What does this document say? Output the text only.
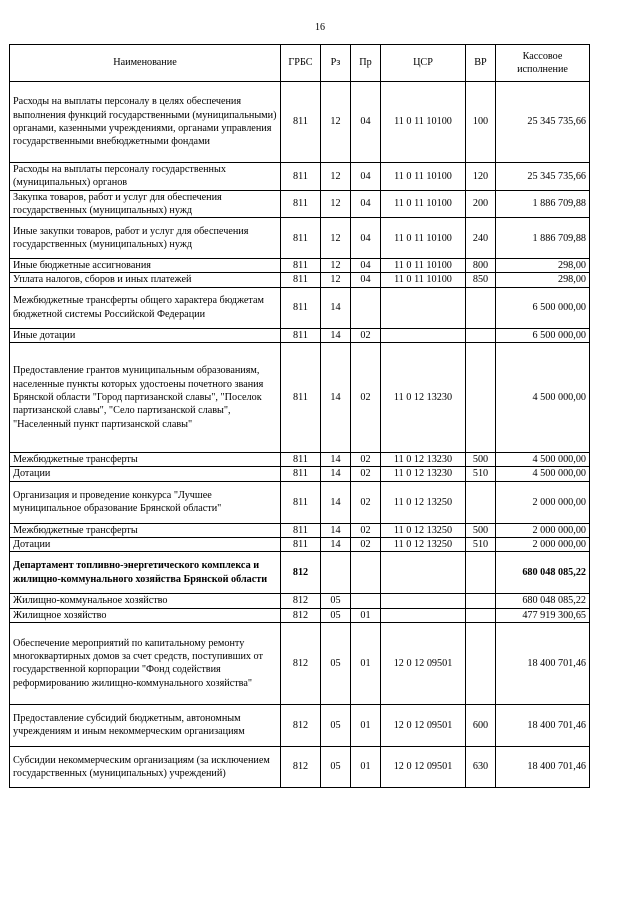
16
Наименование	ГРБС	Рз	Пр	ЦСР	ВР	Кассовое исполнение
Расходы на выплаты персоналу в целях обеспечения выполнения функций государственными (муниципальными) органами, казенными учреждениями, органами управления государственными внебюджетными фондами	811	12	04	11 0 11 10100	100	25 345 735,66
Расходы на выплаты персоналу государственных (муниципальных) органов	811	12	04	11 0 11 10100	120	25 345 735,66
Закупка товаров, работ и услуг для обеспечения государственных (муниципальных) нужд	811	12	04	11 0 11 10100	200	1 886 709,88
Иные закупки товаров, работ и услуг для обеспечения государственных (муниципальных) нужд	811	12	04	11 0 11 10100	240	1 886 709,88
Иные бюджетные ассигнования	811	12	04	11 0 11 10100	800	298,00
Уплата налогов, сборов и иных платежей	811	12	04	11 0 11 10100	850	298,00
Межбюджетные трансферты общего характера бюджетам бюджетной системы Российской Федерации	811	14				6 500 000,00
Иные дотации	811	14	02			6 500 000,00
Предоставление грантов муниципальным образованиям, населенные пункты которых удостоены почетного звания Брянской области "Город партизанской славы", "Поселок партизанской славы", "Село партизанской славы", "Населенный пункт партизанской славы"	811	14	02	11 0 12 13230		4 500 000,00
Межбюджетные трансферты	811	14	02	11 0 12 13230	500	4 500 000,00
Дотации	811	14	02	11 0 12 13230	510	4 500 000,00
Организация и проведение конкурса "Лучшее муниципальное образование Брянской области"	811	14	02	11 0 12 13250		2 000 000,00
Межбюджетные трансферты	811	14	02	11 0 12 13250	500	2 000 000,00
Дотации	811	14	02	11 0 12 13250	510	2 000 000,00
Департамент топливно-энергетического комплекса и жилищно-коммунального хозяйства Брянской области	812					680 048 085,22
Жилищно-коммунальное хозяйство	812	05				680 048 085,22
Жилищное хозяйство	812	05	01			477 919 300,65
Обеспечение мероприятий по капитальному ремонту многоквартирных домов за счет средств, поступивших от государственной корпорации "Фонд содействия реформированию жилищно-коммунального хозяйства"	812	05	01	12 0 12 09501		18 400 701,46
Предоставление субсидий бюджетным, автономным учреждениям и иным некоммерческим организациям	812	05	01	12 0 12 09501	600	18 400 701,46
Субсидии некоммерческим организациям (за исключением государственных (муниципальных) учреждений)	812	05	01	12 0 12 09501	630	18 400 701,46
